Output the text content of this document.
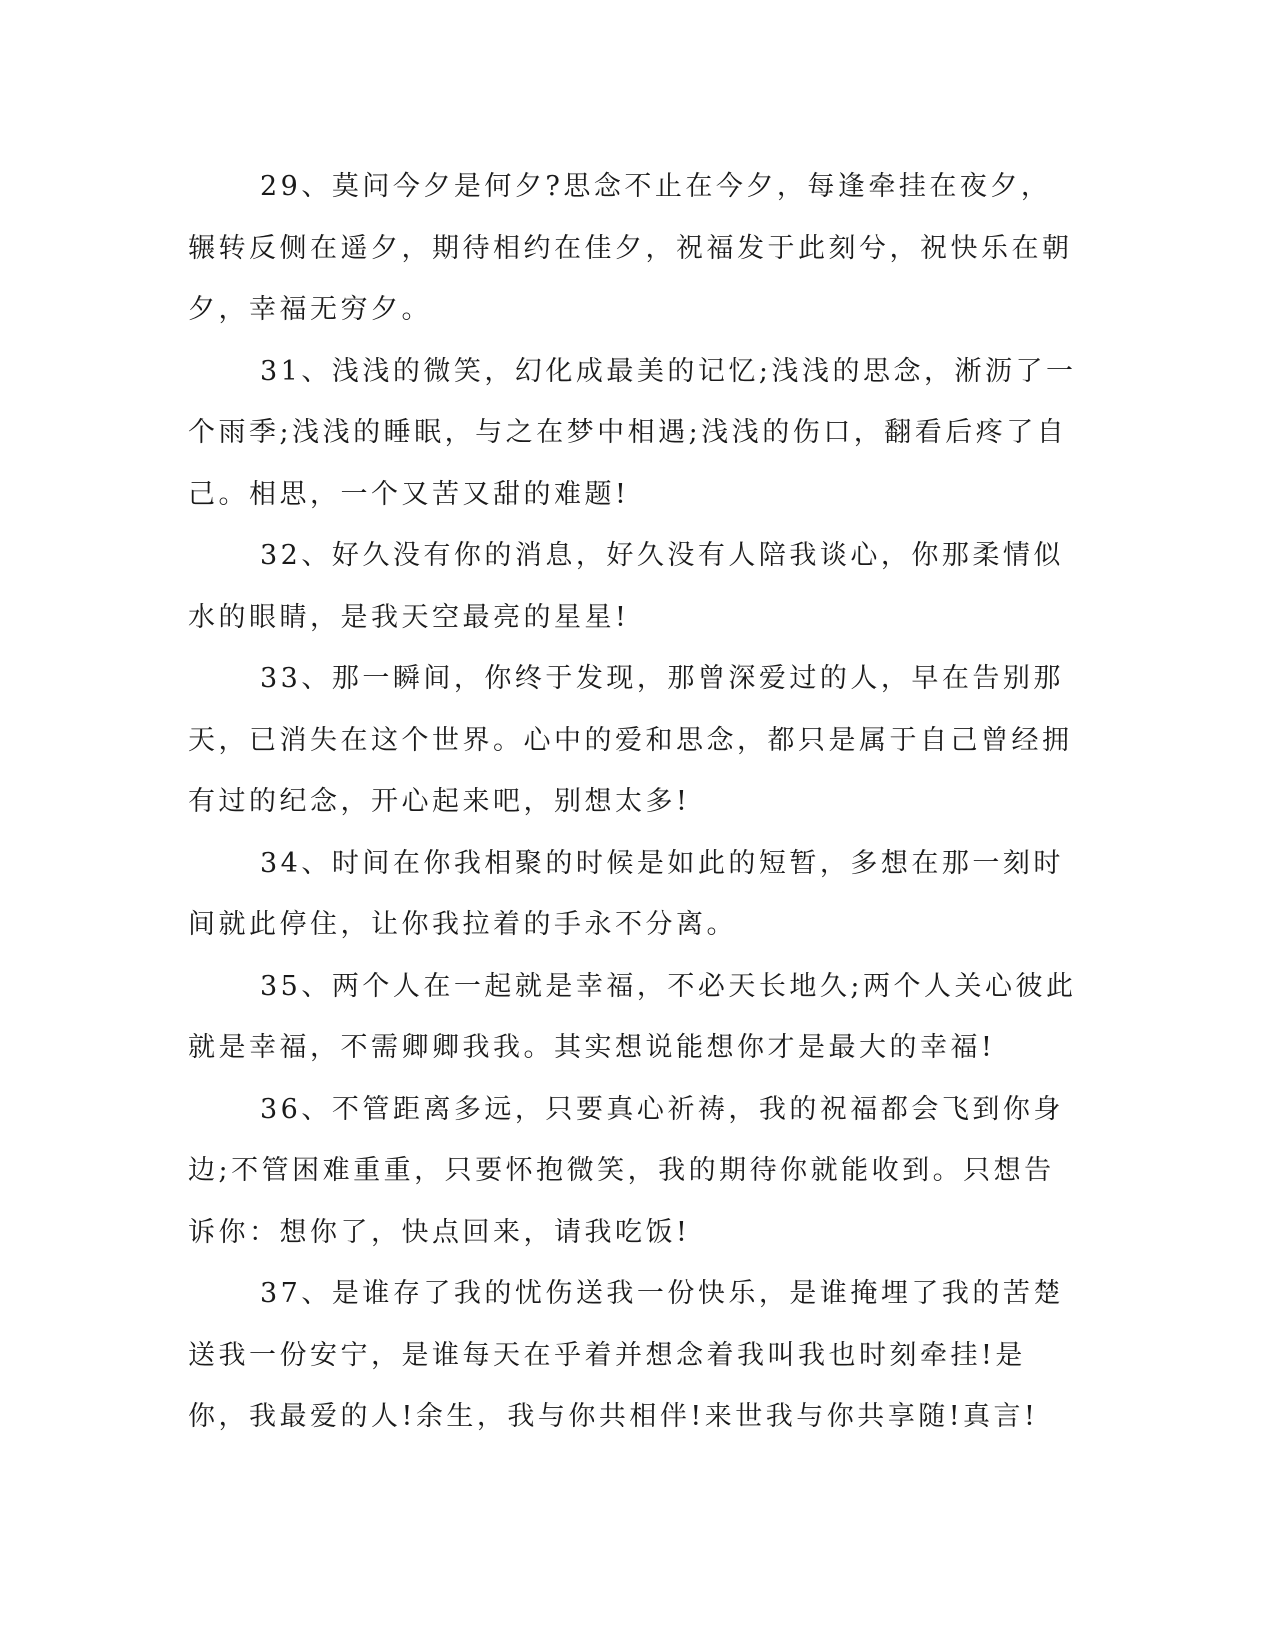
29、莫问今夕是何夕?思念不止在今夕，每逢牵挂在夜夕，辗转反侧在遥夕，期待相约在佳夕，祝福发于此刻兮，祝快乐在朝夕，幸福无穷夕。

31、浅浅的微笑，幻化成最美的记忆;浅浅的思念，淅沥了一个雨季;浅浅的睡眠，与之在梦中相遇;浅浅的伤口，翻看后疼了自己。相思，一个又苦又甜的难题!

32、好久没有你的消息，好久没有人陪我谈心，你那柔情似水的眼睛，是我天空最亮的星星!

33、那一瞬间，你终于发现，那曾深爱过的人，早在告别那天，已消失在这个世界。心中的爱和思念，都只是属于自己曾经拥有过的纪念，开心起来吧，别想太多!

34、时间在你我相聚的时候是如此的短暂，多想在那一刻时间就此停住，让你我拉着的手永不分离。

35、两个人在一起就是幸福，不必天长地久;两个人关心彼此就是幸福，不需卿卿我我。其实想说能想你才是最大的幸福!

36、不管距离多远，只要真心祈祷，我的祝福都会飞到你身边;不管困难重重，只要怀抱微笑，我的期待你就能收到。只想告诉你：想你了，快点回来，请我吃饭!

37、是谁存了我的忧伤送我一份快乐，是谁掩埋了我的苦楚送我一份安宁，是谁每天在乎着并想念着我叫我也时刻牵挂!是你，我最爱的人!余生，我与你共相伴!来世我与你共享随!真言!
